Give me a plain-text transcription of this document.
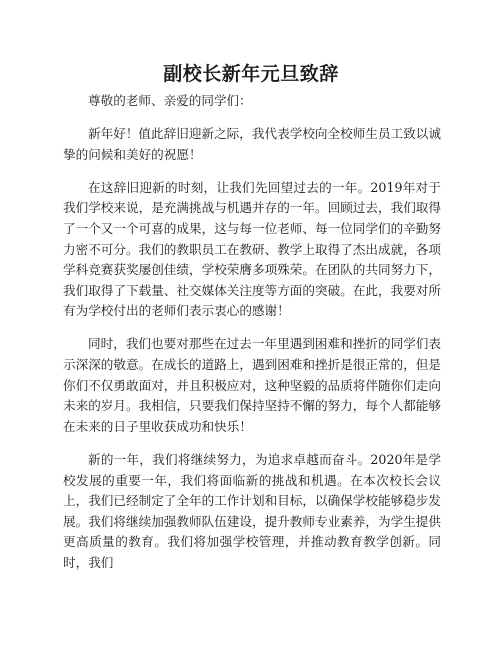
副校长新年元旦致辞

尊敬的老师、亲爱的同学们：

新年好！值此辞旧迎新之际，我代表学校向全校师生员工致以诚挚的问候和美好的祝愿！

在这辞旧迎新的时刻，让我们先回望过去的一年。2019年对于我们学校来说，是充满挑战与机遇并存的一年。回顾过去，我们取得了一个又一个可喜的成果，这与每一位老师、每一位同学们的辛勤努力密不可分。我们的教职员工在教研、教学上取得了杰出成就，各项学科竞赛获奖屡创佳绩，学校荣膺多项殊荣。在团队的共同努力下，我们取得了下载量、社交媒体关注度等方面的突破。在此，我要对所有为学校付出的老师们表示衷心的感谢！

同时，我们也要对那些在过去一年里遇到困难和挫折的同学们表示深深的敬意。在成长的道路上，遇到困难和挫折是很正常的，但是你们不仅勇敢面对，并且积极应对，这种坚毅的品质将伴随你们走向未来的岁月。我相信，只要我们保持坚持不懈的努力，每个人都能够在未来的日子里收获成功和快乐！

新的一年，我们将继续努力，为追求卓越而奋斗。2020年是学校发展的重要一年，我们将面临新的挑战和机遇。在本次校长会议上，我们已经制定了全年的工作计划和目标，以确保学校能够稳步发展。我们将继续加强教师队伍建设，提升教师专业素养，为学生提供更高质量的教育。我们将加强学校管理，并推动教育教学创新。同时，我们
